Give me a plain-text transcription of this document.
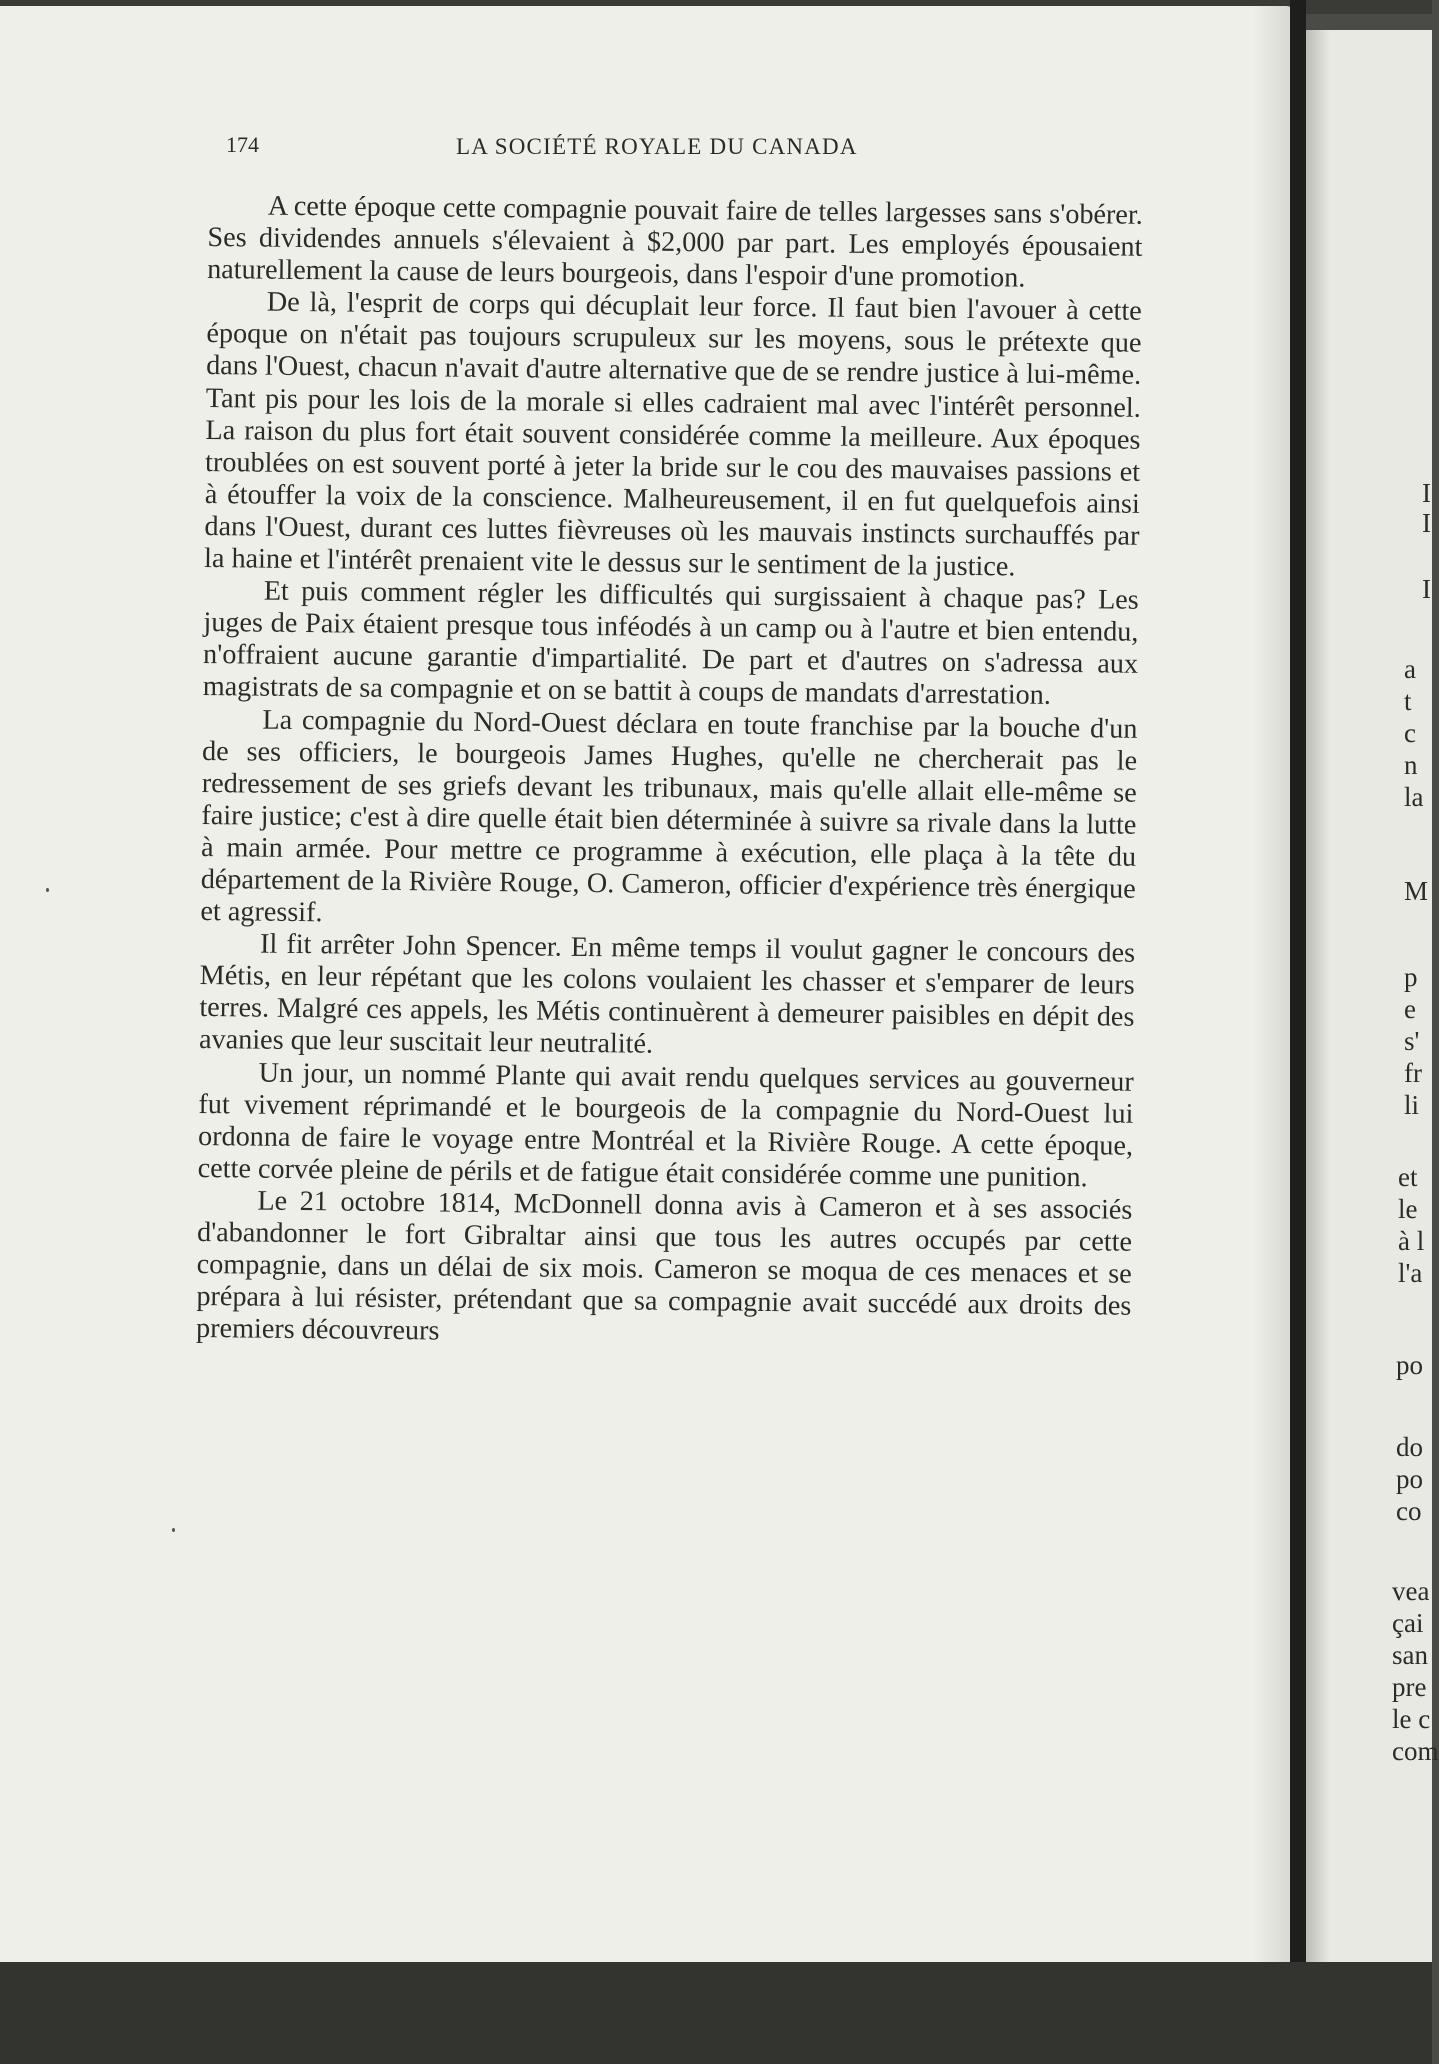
174	LA SOCIÉTÉ ROYALE DU CANADA

A cette époque cette compagnie pouvait faire de telles largesses sans s'obérer. Ses dividendes annuels s'élevaient à $2,000 par part. Les employés épousaient naturellement la cause de leurs bourgeois, dans l'espoir d'une promotion.

De là, l'esprit de corps qui décuplait leur force. Il faut bien l'avouer à cette époque on n'était pas toujours scrupuleux sur les moyens, sous le prétexte que dans l'Ouest, chacun n'avait d'autre alternative que de se rendre justice à lui-même. Tant pis pour les lois de la morale si elles cadraient mal avec l'intérêt personnel. La raison du plus fort était souvent considérée comme la meilleure. Aux époques troublées on est souvent porté à jeter la bride sur le cou des mauvaises passions et à étouffer la voix de la conscience. Malheureusement, il en fut quelquefois ainsi dans l'Ouest, durant ces luttes fièvreuses où les mauvais instincts surchauffés par la haine et l'intérêt prenaient vite le dessus sur le sentiment de la justice.

Et puis comment régler les difficultés qui surgissaient à chaque pas? Les juges de Paix étaient presque tous inféodés à un camp ou à l'autre et bien entendu, n'offraient aucune garantie d'impartialité. De part et d'autres on s'adressa aux magistrats de sa compagnie et on se battit à coups de mandats d'arrestation.

La compagnie du Nord-Ouest déclara en toute franchise par la bouche d'un de ses officiers, le bourgeois James Hughes, qu'elle ne chercherait pas le redressement de ses griefs devant les tribunaux, mais qu'elle allait elle-même se faire justice; c'est à dire quelle était bien déterminée à suivre sa rivale dans la lutte à main armée. Pour mettre ce programme à exécution, elle plaça à la tête du département de la Rivière Rouge, O. Cameron, officier d'expérience très énergique et agressif.

Il fit arrêter John Spencer. En même temps il voulut gagner le concours des Métis, en leur répétant que les colons voulaient les chasser et s'emparer de leurs terres. Malgré ces appels, les Métis continuèrent à demeurer paisibles en dépit des avanies que leur suscitait leur neutralité.

Un jour, un nommé Plante qui avait rendu quelques services au gouverneur fut vivement réprimandé et le bourgeois de la compagnie du Nord-Ouest lui ordonna de faire le voyage entre Montréal et la Rivière Rouge. A cette époque, cette corvée pleine de périls et de fatigue était considérée comme une punition.

Le 21 octobre 1814, McDonnell donna avis à Cameron et à ses associés d'abandonner le fort Gibraltar ainsi que tous les autres occupés par cette compagnie, dans un délai de six mois. Cameron se moqua de ces menaces et se prépara à lui résister, prétendant que sa compagnie avait succédé aux droits des premiers découvreurs

I
I
I
a
t
c
n
la
M
p
e
s'
fr
li
et
le
à l
l'a
po
do
po
co
vea
çai
san
pre
le c
com
